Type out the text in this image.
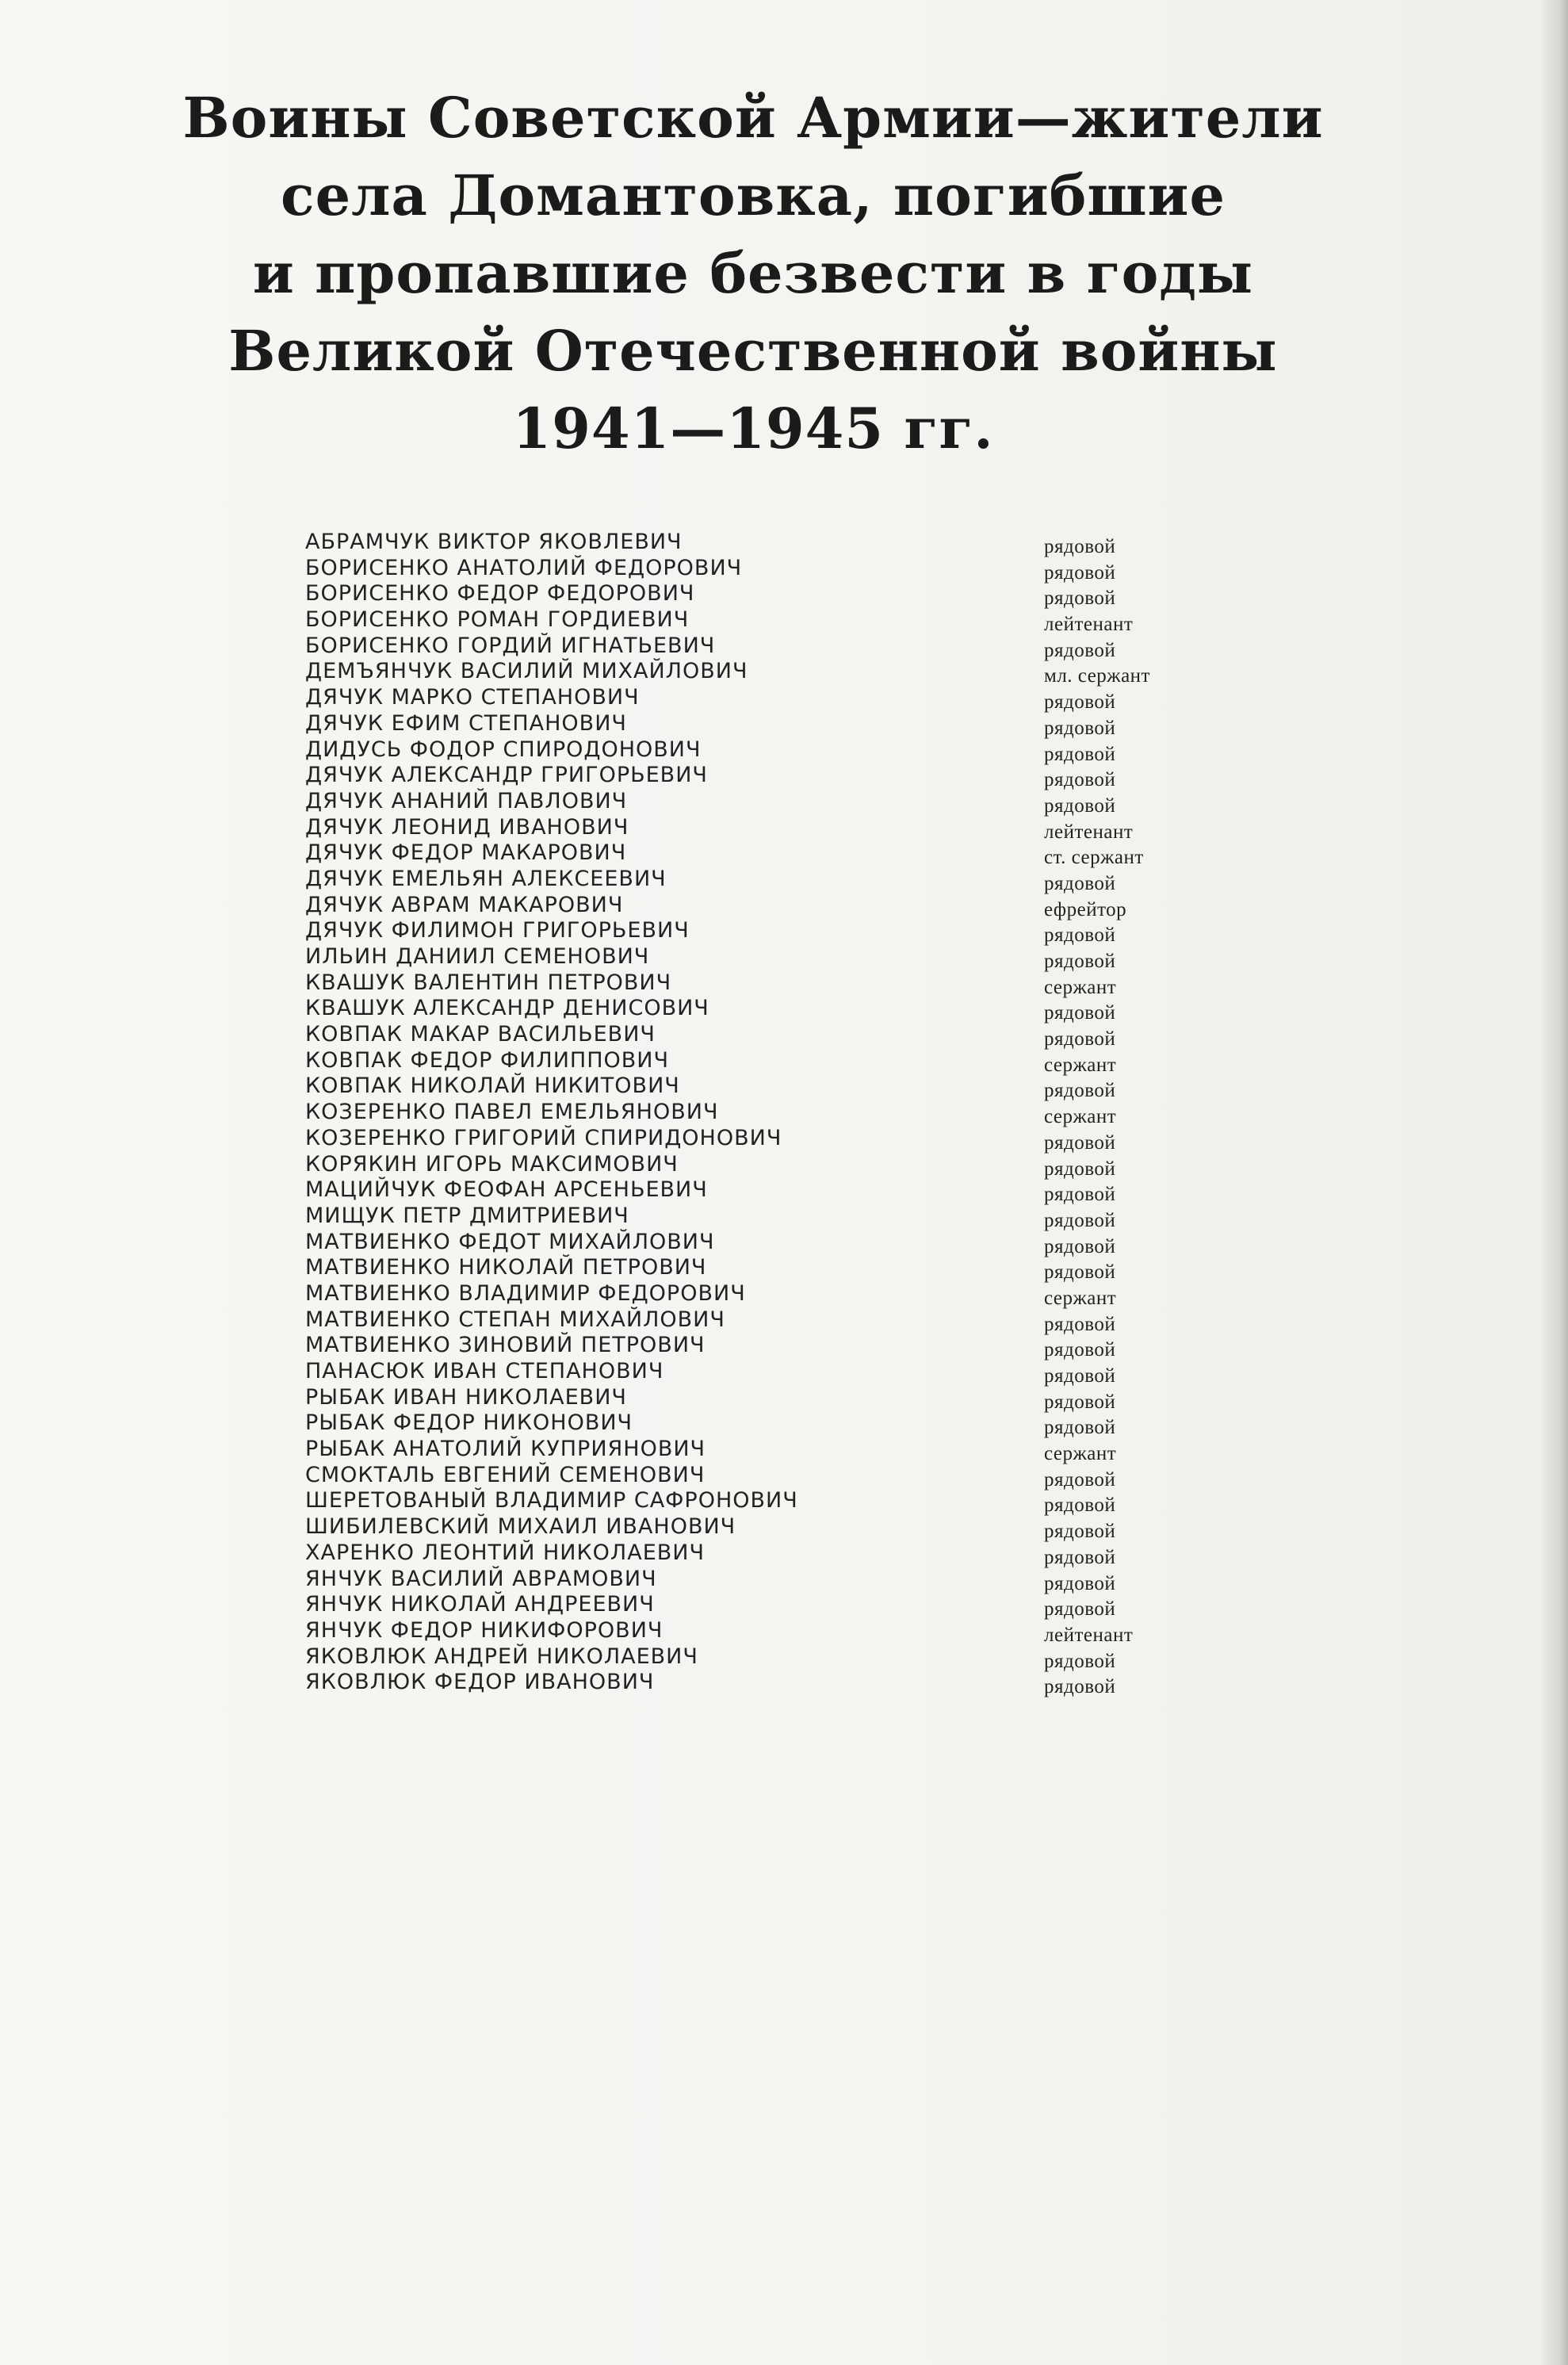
Воины Советской Армии—жители
села Домантовка, погибшие
и пропавшие безвести в годы
Великой Отечественной войны
1941—1945 гг.
АБРАМЧУК ВИКТОР ЯКОВЛЕВИЧ	рядовой
БОРИСЕНКО АНАТОЛИЙ ФЕДОРОВИЧ	рядовой
БОРИСЕНКО ФЕДОР ФЕДОРОВИЧ	рядовой
БОРИСЕНКО РОМАН ГОРДИЕВИЧ	лейтенант
БОРИСЕНКО ГОРДИЙ ИГНАТЬЕВИЧ	рядовой
ДЕМЪЯНЧУК ВАСИЛИЙ МИХАЙЛОВИЧ	мл. сержант
ДЯЧУК МАРКО СТЕПАНОВИЧ	рядовой
ДЯЧУК ЕФИМ СТЕПАНОВИЧ	рядовой
ДИДУСЬ ФОДОР СПИРОДОНОВИЧ	рядовой
ДЯЧУК АЛЕКСАНДР ГРИГОРЬЕВИЧ	рядовой
ДЯЧУК АНАНИЙ ПАВЛОВИЧ	рядовой
ДЯЧУК ЛЕОНИД ИВАНОВИЧ	лейтенант
ДЯЧУК ФЕДОР МАКАРОВИЧ	ст. сержант
ДЯЧУК ЕМЕЛЬЯН АЛЕКСЕЕВИЧ	рядовой
ДЯЧУК АВРАМ МАКАРОВИЧ	ефрейтор
ДЯЧУК ФИЛИМОН ГРИГОРЬЕВИЧ	рядовой
ИЛЬИН ДАНИИЛ СЕМЕНОВИЧ	рядовой
КВАШУК ВАЛЕНТИН ПЕТРОВИЧ	сержант
КВАШУК АЛЕКСАНДР ДЕНИСОВИЧ	рядовой
КОВПАК МАКАР ВАСИЛЬЕВИЧ	рядовой
КОВПАК ФЕДОР ФИЛИППОВИЧ	сержант
КОВПАК НИКОЛАЙ НИКИТОВИЧ	рядовой
КОЗЕРЕНКО ПАВЕЛ ЕМЕЛЬЯНОВИЧ	сержант
КОЗЕРЕНКО ГРИГОРИЙ СПИРИДОНОВИЧ	рядовой
КОРЯКИН ИГОРЬ МАКСИМОВИЧ	рядовой
МАЦИЙЧУК ФЕОФАН АРСЕНЬЕВИЧ	рядовой
МИЩУК ПЕТР ДМИТРИЕВИЧ	рядовой
МАТВИЕНКО ФЕДОТ МИХАЙЛОВИЧ	рядовой
МАТВИЕНКО НИКОЛАЙ ПЕТРОВИЧ	рядовой
МАТВИЕНКО ВЛАДИМИР ФЕДОРОВИЧ	сержант
МАТВИЕНКО СТЕПАН МИХАЙЛОВИЧ	рядовой
МАТВИЕНКО ЗИНОВИЙ ПЕТРОВИЧ	рядовой
ПАНАСЮК ИВАН СТЕПАНОВИЧ	рядовой
РЫБАК ИВАН НИКОЛАЕВИЧ	рядовой
РЫБАК ФЕДОР НИКОНОВИЧ	рядовой
РЫБАК АНАТОЛИЙ КУПРИЯНОВИЧ	сержант
СМОКТАЛЬ ЕВГЕНИЙ СЕМЕНОВИЧ	рядовой
ШЕРЕТОВАНЫЙ ВЛАДИМИР САФРОНОВИЧ	рядовой
ШИБИЛЕВСКИЙ МИХАИЛ ИВАНОВИЧ	рядовой
ХАРЕНКО ЛЕОНТИЙ НИКОЛАЕВИЧ	рядовой
ЯНЧУК ВАСИЛИЙ АВРАМОВИЧ	рядовой
ЯНЧУК НИКОЛАЙ АНДРЕЕВИЧ	рядовой
ЯНЧУК ФЕДОР НИКИФОРОВИЧ	лейтенант
ЯКОВЛЮК АНДРЕЙ НИКОЛАЕВИЧ	рядовой
ЯКОВЛЮК ФЕДОР ИВАНОВИЧ	рядовой
